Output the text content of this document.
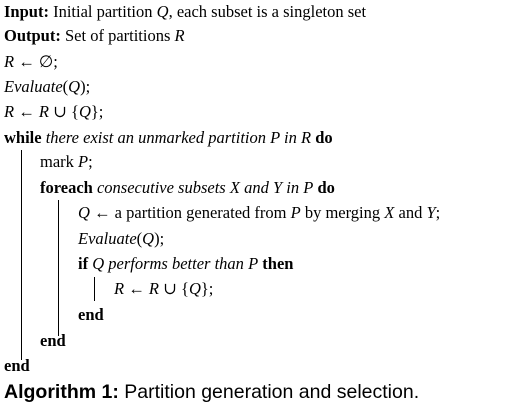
Input: Initial partition Q, each subset is a singleton set
Output: Set of partitions R
R ← ∅;
Evaluate(Q);
R ← R ∪ {Q};
while there exist an unmarked partition P in R do
mark P;
foreach consecutive subsets X and Y in P do
Q ← a partition generated from P by merging X and Y;
Evaluate(Q);
if Q performs better than P then
R ← R ∪ {Q};
end
end
end
Algorithm 1: Partition generation and selection.
